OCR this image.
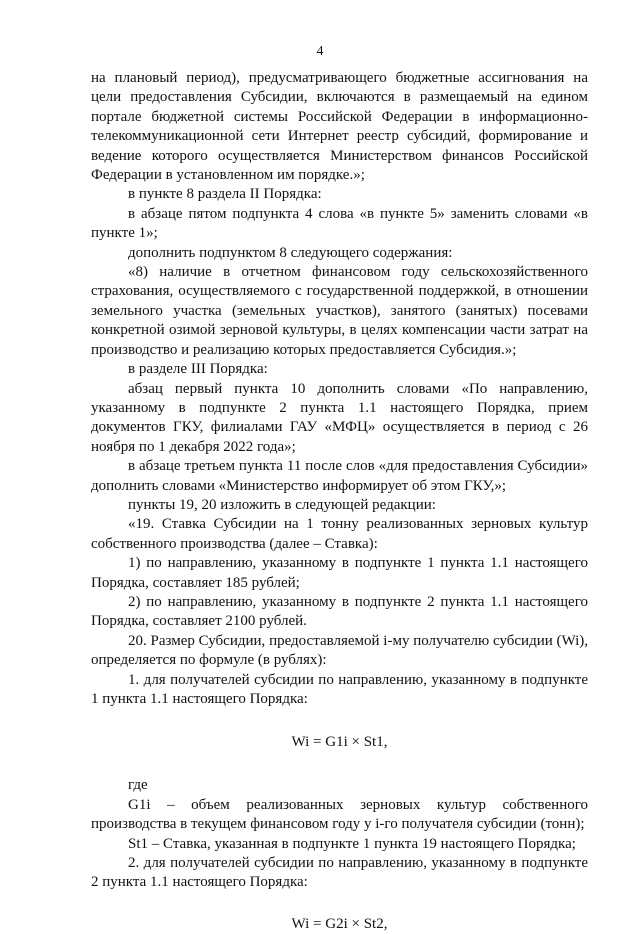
4

на плановый период), предусматривающего бюджетные ассигнования на цели предоставления Субсидии, включаются в размещаемый на едином портале бюджетной системы Российской Федерации в информационно-телекоммуникационной сети Интернет реестр субсидий, формирование и ведение которого осуществляется Министерством финансов Российской Федерации в установленном им порядке.»;

в пункте 8 раздела II Порядка:

в абзаце пятом подпункта 4 слова «в пункте 5» заменить словами «в пункте 1»;

дополнить подпунктом 8 следующего содержания:

«8) наличие в отчетном финансовом году сельскохозяйственного страхования, осуществляемого с государственной поддержкой, в отношении земельного участка (земельных участков), занятого (занятых) посевами конкретной озимой зерновой культуры, в целях компенсации части затрат на производство и реализацию которых предоставляется Субсидия.»;

в разделе III Порядка:

абзац первый пункта 10 дополнить словами «По направлению, указанному в подпункте 2 пункта 1.1 настоящего Порядка, прием документов ГКУ, филиалами ГАУ «МФЦ» осуществляется в период с 26 ноября по 1 декабря 2022 года»;

в абзаце третьем пункта 11 после слов «для предоставления Субсидии» дополнить словами «Министерство информирует об этом ГКУ,»;

пункты 19, 20 изложить в следующей редакции:

«19. Ставка Субсидии на 1 тонну реализованных зерновых культур собственного производства (далее – Ставка):

1) по направлению, указанному в подпункте 1 пункта 1.1 настоящего Порядка, составляет 185 рублей;

2) по направлению, указанному в подпункте 2 пункта 1.1 настоящего Порядка, составляет 2100 рублей.

20. Размер Субсидии, предоставляемой i-му получателю субсидии (Wi), определяется по формуле (в рублях):

1. для получателей субсидии по направлению, указанному в подпункте 1 пункта 1.1 настоящего Порядка:

Wi = G1i × St1,

где

G1i – объем реализованных зерновых культур собственного производства в текущем финансовом году у i-го получателя субсидии (тонн);

St1 – Ставка, указанная в подпункте 1 пункта 19 настоящего Порядка;

2. для получателей субсидии по направлению, указанному в подпункте 2 пункта 1.1 настоящего Порядка:

Wi = G2i × St2,
